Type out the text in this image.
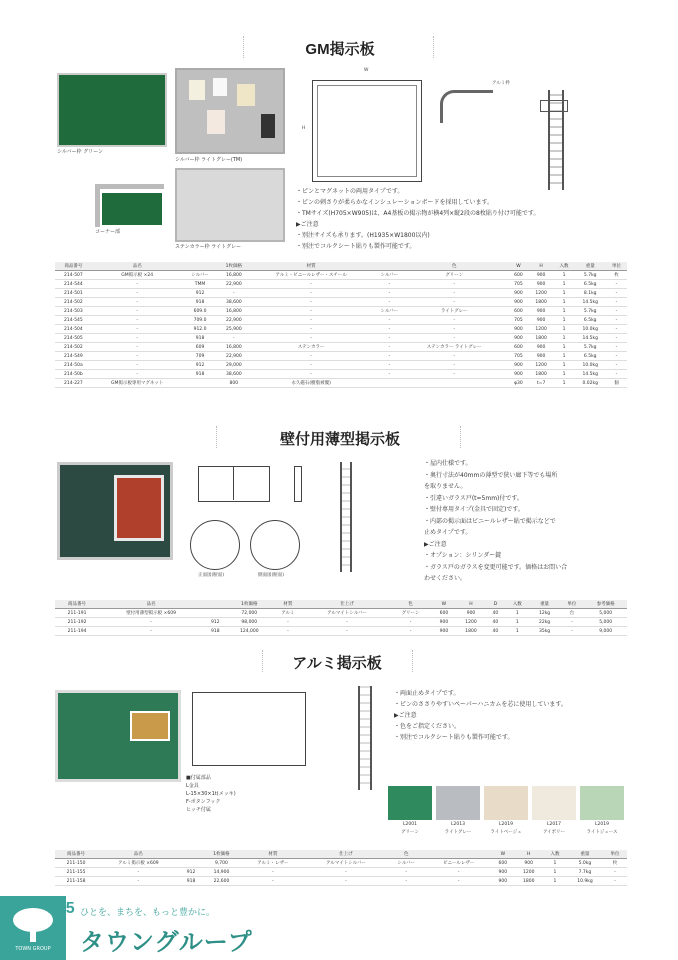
GM掲示板
シルバー枠 グリーン
シルバー枠 ライトグレー(TM)
コーナー部
ステンカラー枠 ライトグレー
W
H
アルミ枠
・ピンとマグネットの両用タイプです。
・ピンの刺さりが柔らかなインシュレーションボードを採用しています。
・TMサイズ(H705×W905)は、A4基板の掲示物が横4列×縦2段の8枚貼り付け可能です。
▶ご注意
・別注サイズも承ります。(H1935×W1800以内)
・別注でコルクシート貼りも製作可能です。
商品番号	品名		1枚価格	材質		色		W	H	入数	重量	単位
214-507	GM掲示板 ×24	シルバー	16,800	アルミ・ビニールレザー・スチール	シルバー	グリーン		600	900	1	5.7kg	枚
214-544	-	TMM	22,900	-	-	-		705	900	1	6.5kg	-
214-501	-	912	-	-	-	-		900	1200	1	8.1kg	-
214-502	-	918	38,600	-	-	-		900	1800	1	14.5kg	-
214-503	-	609.0	16,800	-	シルバー	ライトグレー		600	900	1	5.7kg	-
214-545	-	709.0	22,900	-	-	-		705	900	1	6.5kg	-
214-504	-	912.0	25,900	-	-	-		900	1200	1	10.0kg	-
214-505	-	918	-	-	-	-		900	1800	1	14.5kg	-
214-502	-	609	16,800	ステンカラー	-	ステンカラー ライトグレー		600	900	1	5.7kg	-
214-549	-	709	22,900	-	-	-		705	900	1	6.5kg	-
214-50a	-	912	29,000	-	-	-		900	1200	1	10.0kg	-
214-50b	-	918	38,600	-	-	-		900	1800	1	14.5kg	-
214-227	GM掲示板専用マグネット		800	永久磁石(樹脂被覆)				φ30	t=7	1	0.02kg	個
壁付用薄型掲示板
正面図(断面)	側面図(断面)
・屋内仕様です。
・奥行寸法が40mmの薄型で狭い廊下等でも場所
を取りません。
・引違いガラス戸(t=5mm)付です。
・壁付専用タイプ(金具で固定)です。
・内部の掲示面はビニールレザー貼で掲示などで
止めタイプです。
▶ご注意
・オプション：シリンダー錠
・ガラス戸のガラスを変更可能です。価格はお問い合
わせください。
商品番号	品名		1枚価格	材質	仕上げ	色	W	H	D	入数	重量	単位	参考価格
211-191	壁付用薄型掲示板 ×609		72,000	アルミ	アルマイトシルバー	グリーン	600	900	40	1	12kg	台	5,000
211-192	-	912	98,000	-	-	-	900	1200	40	1	22kg	-	5,000
211-194	-	918	124,000	-	-	-	900	1800	40	1	35kg	-	9,000
アルミ掲示板
・両面止めタイプです。
・ピンのささりやすいペーパーハニカムを芯に使用しています。
▶ご注意
・色をご指定ください。
・別注でコルクシート貼りも製作可能です。
■付属部品
L金具
L-15×30×1t(メッキ)
F-ボタンフック
ヒッチ付属
L2001
グリーン
L2013
ライトグレー
L2019
ライトベージュ
L2017
アイボリー
L2019
ライトジュース
商品番号	品名		1枚価格	材質	仕上げ	色		W	H	入数	重量	単位
211-150	アルミ掲示板 ×609		9,700	アルミ・レザー	アルマイトシルバー	シルバー	ビニールレザー	600	900	1	5.0kg	枚
211-155	-	912	14,900	-	-	-	-	900	1200	1	7.7kg	-
211-158	-	918	22,600	-	-	-	-	900	1800	1	10.9kg	-
TOWN GROUP
225 ひとを、まちを、もっと豊かに。
タウングループ
